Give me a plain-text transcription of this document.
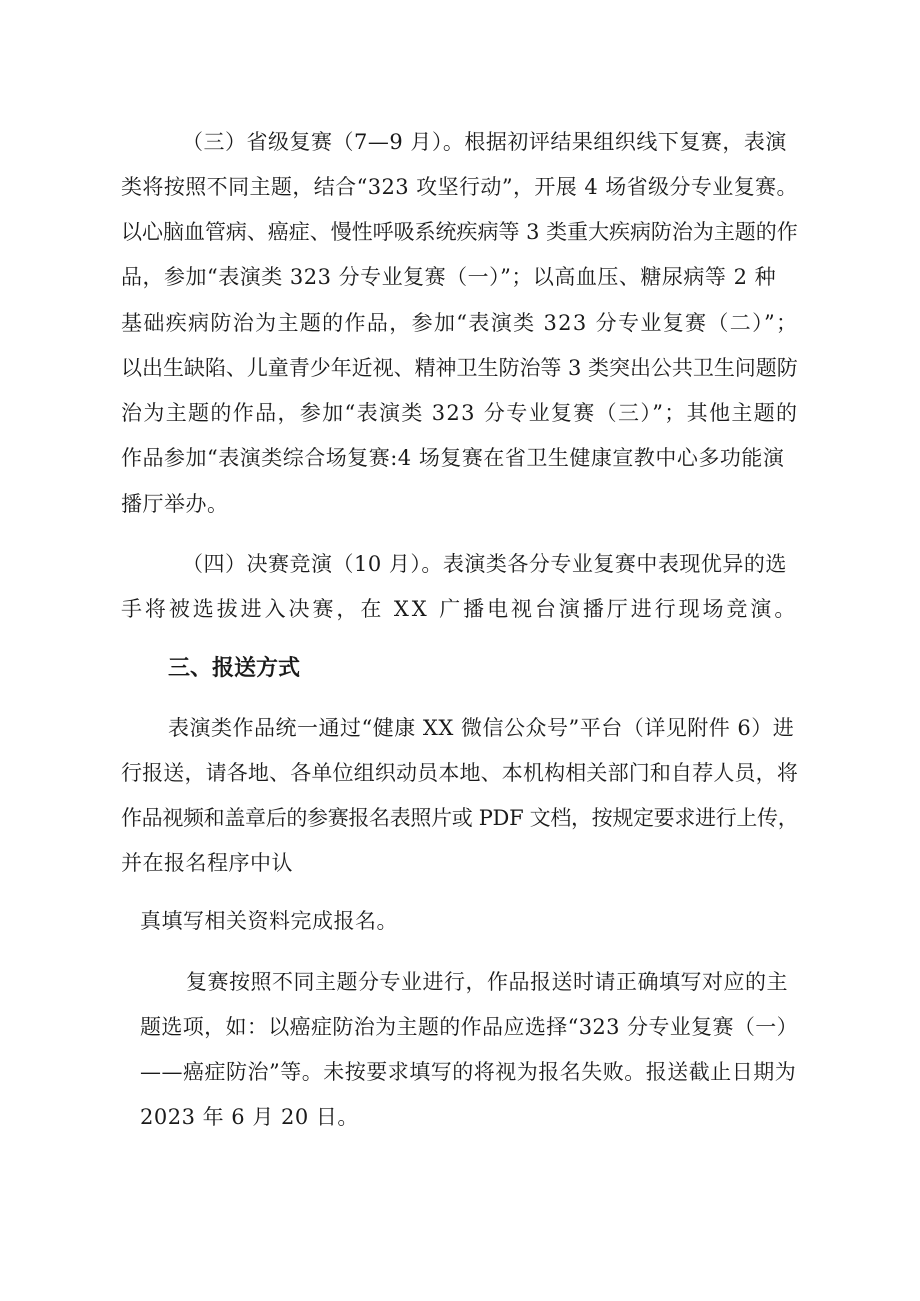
（三）省级复赛（7—9 月）。根据初评结果组织线下复赛，表演
类将按照不同主题，结合“323 攻坚行动”，开展 4 场省级分专业复赛。
以心脑血管病、癌症、慢性呼吸系统疾病等 3 类重大疾病防治为主题的作
品，参加“表演类 323 分专业复赛（一）”；以高血压、糖尿病等 2 种
基础疾病防治为主题的作品，参加“表演类 323 分专业复赛（二）”；
以出生缺陷、儿童青少年近视、精神卫生防治等 3 类突出公共卫生问题防
治为主题的作品，参加“表演类 323 分专业复赛（三）”；其他主题的
作品参加“表演类综合场复赛:4 场复赛在省卫生健康宣教中心多功能演
播厅举办。
（四）决赛竞演（10 月）。表演类各分专业复赛中表现优异的选
手将被选拔进入决赛，在 XX 广播电视台演播厅进行现场竞演。
三、报送方式
表演类作品统一通过“健康 XX 微信公众号”平台（详见附件 6）进
行报送，请各地、各单位组织动员本地、本机构相关部门和自荐人员，将
作品视频和盖章后的参赛报名表照片或 PDF 文档，按规定要求进行上传，
并在报名程序中认
真填写相关资料完成报名。
复赛按照不同主题分专业进行，作品报送时请正确填写对应的主
题选项，如：以癌症防治为主题的作品应选择“323 分专业复赛（一）
——癌症防治”等。未按要求填写的将视为报名失败。报送截止日期为
2023 年 6 月 20 日。
